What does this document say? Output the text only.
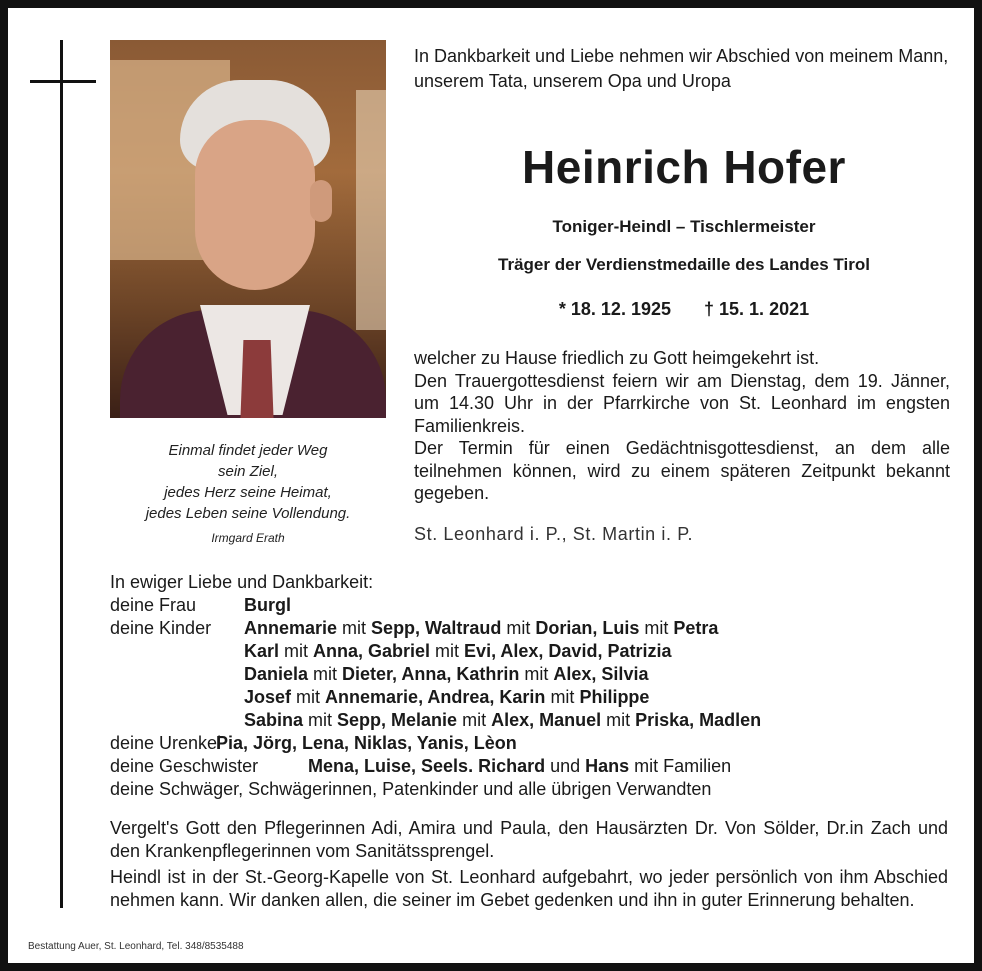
Einmal findet jeder Weg
sein Ziel,
jedes Herz seine Heimat,
jedes Leben seine Vollendung.
Irmgard Erath
In Dankbarkeit und Liebe nehmen wir Abschied von meinem Mann, unserem Tata, unserem Opa und Uropa
Heinrich Hofer
Toniger-Heindl – Tischlermeister
Träger der Verdienstmedaille des Landes Tirol
* 18. 12. 1925 † 15. 1. 2021

welcher zu Hause friedlich zu Gott heimgekehrt ist.

Den Trauergottesdienst feiern wir am Dienstag, dem 19. Jänner, um 14.30 Uhr in der Pfarrkirche von St. Leonhard im engsten Familienkreis.

Der Termin für einen Gedächtnisgottesdienst, an dem alle teilnehmen können, wird zu einem späteren Zeitpunkt bekannt gegeben.

St. Leonhard i. P., St. Martin i. P.
In ewiger Liebe und Dankbarkeit:
deine Frau	Burgl
deine Kinder Annemarie mit Sepp, Waltraud mit Dorian, Luis mit Petra
Karl mit Anna, Gabriel mit Evi, Alex, David, Patrizia
Daniela mit Dieter, Anna, Kathrin mit Alex, Silvia
Josef mit Annemarie, Andrea, Karin mit Philippe
Sabina mit Sepp, Melanie mit Alex, Manuel mit Priska, Madlen
deine Urenkel
Pia, Jörg, Lena, Niklas, Yanis, Lèon
deine Geschwister	Mena, Luise, Seels. Richard und Hans mit Familien
deine Schwäger, Schwägerinnen, Patenkinder und alle übrigen Verwandten

Vergelt's Gott den Pflegerinnen Adi, Amira und Paula, den Hausärzten Dr. Von Sölder, Dr.in Zach und den Krankenpflegerinnen vom Sanitätssprengel.

Heindl ist in der St.-Georg-Kapelle von St. Leonhard aufgebahrt, wo jeder persönlich von ihm Abschied nehmen kann. Wir danken allen, die seiner im Gebet gedenken und ihn in guter Erinnerung behalten.

Bestattung Auer, St. Leonhard, Tel. 348/8535488
